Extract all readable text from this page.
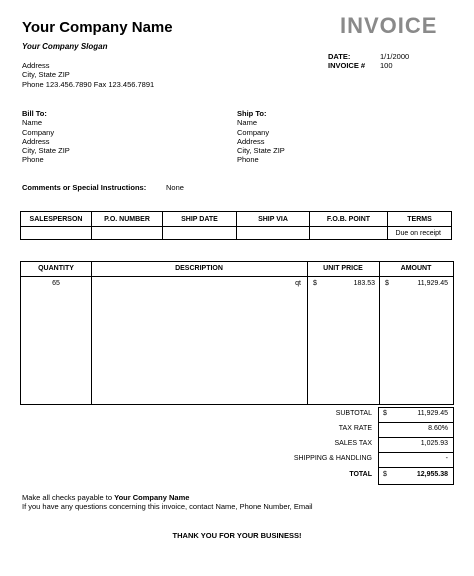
Your Company Name
Your Company Slogan
Address
City, State ZIP
Phone 123.456.7890 Fax 123.456.7891
INVOICE
DATE:	1/1/2000
INVOICE # 100
Bill To:
Name
Company
Address
City, State ZIP
Phone
Ship To:
Name
Company
Address
City, State ZIP
Phone
Comments or Special Instructions:	None
SALESPERSON	P.O. NUMBER	SHIP DATE	SHIP VIA	F.O.B. POINT	TERMS
					Due on receipt
QUANTITY	DESCRIPTION	UNIT PRICE	AMOUNT
65	qt $	183.53 $	11,929.45
SUBTOTAL $	11,929.45
TAX RATE	8.60%
SALES TAX	1,025.93
SHIPPING & HANDLING	-
TOTAL $	12,955.38
Make all checks payable to Your Company Name
If you have any questions concerning this invoice, contact Name, Phone Number, Email
THANK YOU FOR YOUR BUSINESS!
